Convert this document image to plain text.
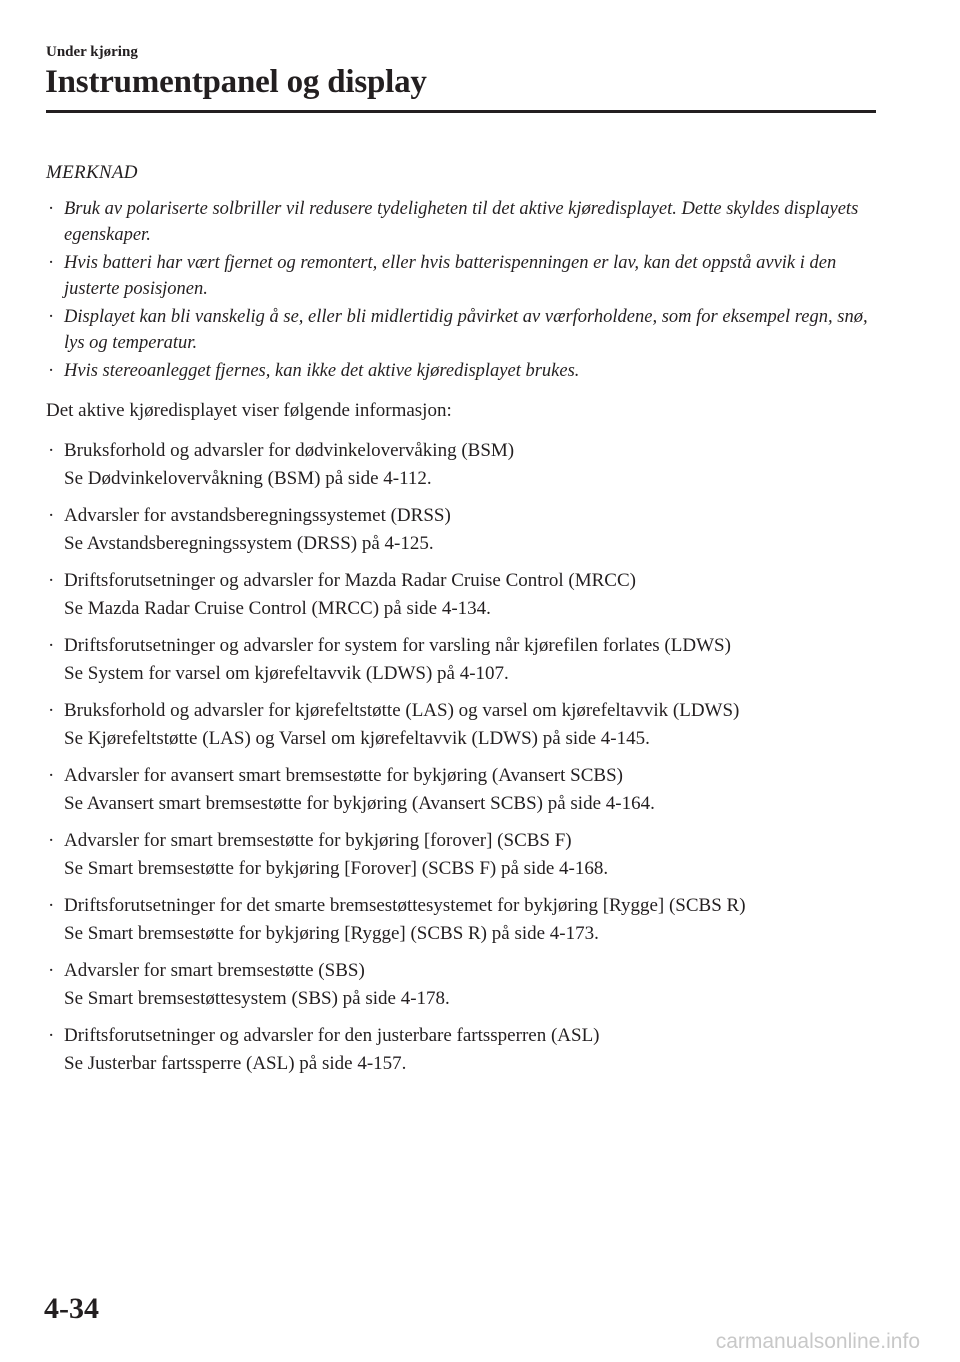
Under kjøring

Instrumentpanel og display

MERKNAD

· Bruk av polariserte solbriller vil redusere tydeligheten til det aktive kjøredisplayet. Dette skyldes displayets egenskaper.
· Hvis batteri har vært fjernet og remontert, eller hvis batterispenningen er lav, kan det oppstå avvik i den justerte posisjonen.
· Displayet kan bli vanskelig å se, eller bli midlertidig påvirket av værforholdene, som for eksempel regn, snø, lys og temperatur.
· Hvis stereoanlegget fjernes, kan ikke det aktive kjøredisplayet brukes.

Det aktive kjøredisplayet viser følgende informasjon:

· Bruksforhold og advarsler for dødvinkelovervåking (BSM)
Se Dødvinkelovervåkning (BSM) på side 4-112.
· Advarsler for avstandsberegningssystemet (DRSS)
Se Avstandsberegningssystem (DRSS) på 4-125.
· Driftsforutsetninger og advarsler for Mazda Radar Cruise Control (MRCC)
Se Mazda Radar Cruise Control (MRCC) på side 4-134.
· Driftsforutsetninger og advarsler for system for varsling når kjørefilen forlates (LDWS)
Se System for varsel om kjørefeltavvik (LDWS) på 4-107.
· Bruksforhold og advarsler for kjørefeltstøtte (LAS) og varsel om kjørefeltavvik (LDWS)
Se Kjørefeltstøtte (LAS) og Varsel om kjørefeltavvik (LDWS) på side 4-145.
· Advarsler for avansert smart bremsestøtte for bykjøring (Avansert SCBS)
Se Avansert smart bremsestøtte for bykjøring (Avansert SCBS) på side 4-164.
· Advarsler for smart bremsestøtte for bykjøring [forover] (SCBS F)
Se Smart bremsestøtte for bykjøring [Forover] (SCBS F) på side 4-168.
· Driftsforutsetninger for det smarte bremsestøttesystemet for bykjøring [Rygge] (SCBS R)
Se Smart bremsestøtte for bykjøring [Rygge] (SCBS R) på side 4-173.
· Advarsler for smart bremsestøtte (SBS)
Se Smart bremsestøttesystem (SBS) på side 4-178.
· Driftsforutsetninger og advarsler for den justerbare fartssperren (ASL)
Se Justerbar fartssperre (ASL) på side 4-157.

4-34

carmanualsonline.info
